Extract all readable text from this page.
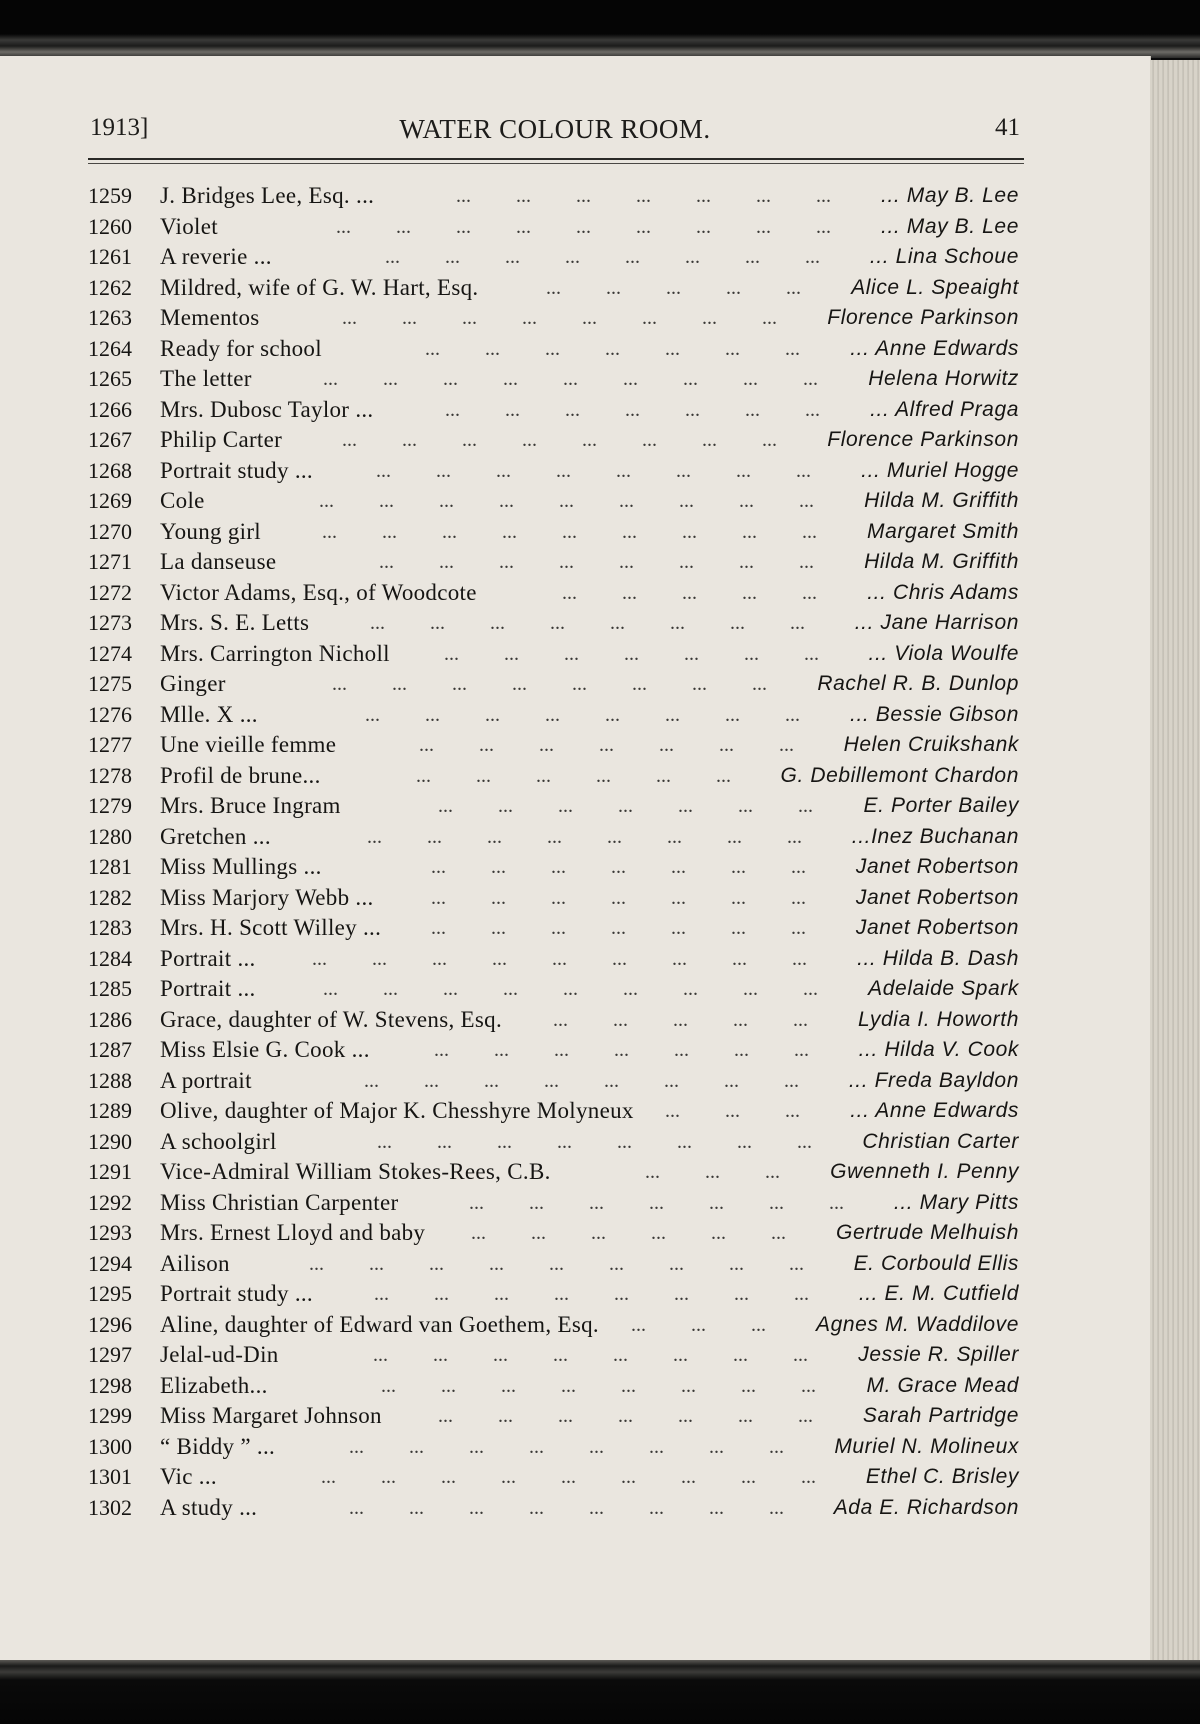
1913]	WATER COLOUR ROOM.	41
...   ...   ...   ...   ...   ...   ...  
1259	J. Bridges Lee, Esq. ...	... May B. Lee
...   ...   ...   ...   ...   ...   ...   ...   ...  
1260	Violet	... May B. Lee
...   ...   ...   ...   ...   ...   ...   ...  
1261	A reverie ...	... Lina Schoue
...   ...   ...   ...   ...  
1262	Mildred, wife of G. W. Hart, Esq.	Alice L. Speaight
...   ...   ...   ...   ...   ...   ...   ...  
1263	Mementos	Florence Parkinson
...   ...   ...   ...   ...   ...   ...  
1264	Ready for school	... Anne Edwards
...   ...   ...   ...   ...   ...   ...   ...   ...  
1265	The letter	Helena Horwitz
...   ...   ...   ...   ...   ...   ...  
1266	Mrs. Dubosc Taylor ...	... Alfred Praga
...   ...   ...   ...   ...   ...   ...   ...  
1267	Philip Carter	Florence Parkinson
...   ...   ...   ...   ...   ...   ...   ...  
1268	Portrait study ...	... Muriel Hogge
...   ...   ...   ...   ...   ...   ...   ...   ...  
1269	Cole	Hilda M. Griffith
...   ...   ...   ...   ...   ...   ...   ...   ...  
1270	Young girl	Margaret Smith
...   ...   ...   ...   ...   ...   ...   ...  
1271	La danseuse	Hilda M. Griffith
...   ...   ...   ...   ...  
1272	Victor Adams, Esq., of Woodcote	... Chris Adams
...   ...   ...   ...   ...   ...   ...   ...  
1273	Mrs. S. E. Letts	... Jane Harrison
...   ...   ...   ...   ...   ...   ...  
1274	Mrs. Carrington Nicholl	... Viola Woulfe
...   ...   ...   ...   ...   ...   ...   ...  
1275	Ginger	Rachel R. B. Dunlop
...   ...   ...   ...   ...   ...   ...   ...  
1276	Mlle. X ...	... Bessie Gibson
...   ...   ...   ...   ...   ...   ...  
1277	Une vieille femme	Helen Cruikshank
...   ...   ...   ...   ...   ...  
1278	Profil de brune...	G. Debillemont Chardon
...   ...   ...   ...   ...   ...   ...  
1279	Mrs. Bruce Ingram	E. Porter Bailey
...   ...   ...   ...   ...   ...   ...   ...  
1280	Gretchen ...	...Inez Buchanan
...   ...   ...   ...   ...   ...   ...  
1281	Miss Mullings ...	Janet Robertson
...   ...   ...   ...   ...   ...   ...  
1282	Miss Marjory Webb ...	Janet Robertson
...   ...   ...   ...   ...   ...   ...  
1283	Mrs. H. Scott Willey ...	Janet Robertson
...   ...   ...   ...   ...   ...   ...   ...   ...  
1284	Portrait ...	... Hilda B. Dash
...   ...   ...   ...   ...   ...   ...   ...   ...  
1285	Portrait ...	Adelaide Spark
...   ...   ...   ...   ...  
1286	Grace, daughter of W. Stevens, Esq.	Lydia I. Howorth
...   ...   ...   ...   ...   ...   ...  
1287	Miss Elsie G. Cook ...	... Hilda V. Cook
...   ...   ...   ...   ...   ...   ...   ...  
1288	A portrait	... Freda Bayldon
...   ...   ...  
1289	Olive, daughter of Major K. Chesshyre Molyneux	... Anne Edwards
...   ...   ...   ...   ...   ...   ...   ...  
1290	A schoolgirl	Christian Carter
...   ...   ...  
1291	Vice-Admiral William Stokes-Rees, C.B.	Gwenneth I. Penny
...   ...   ...   ...   ...   ...   ...  
1292	Miss Christian Carpenter	... Mary Pitts
...   ...   ...   ...   ...   ...  
1293	Mrs. Ernest Lloyd and baby	Gertrude Melhuish
...   ...   ...   ...   ...   ...   ...   ...   ...  
1294	Ailison	E. Corbould Ellis
...   ...   ...   ...   ...   ...   ...   ...  
1295	Portrait study ...	... E. M. Cutfield
...   ...   ...  
1296	Aline, daughter of Edward van Goethem, Esq.	Agnes M. Waddilove
...   ...   ...   ...   ...   ...   ...   ...  
1297	Jelal-ud-Din	Jessie R. Spiller
...   ...   ...   ...   ...   ...   ...   ...  
1298	Elizabeth...	M. Grace Mead
...   ...   ...   ...   ...   ...   ...  
1299	Miss Margaret Johnson	Sarah Partridge
...   ...   ...   ...   ...   ...   ...   ...  
1300	“ Biddy ” ...	Muriel N. Molineux
...   ...   ...   ...   ...   ...   ...   ...   ...  
1301	Vic ...	Ethel C. Brisley
...   ...   ...   ...   ...   ...   ...   ...  
1302	A study ...	Ada E. Richardson
